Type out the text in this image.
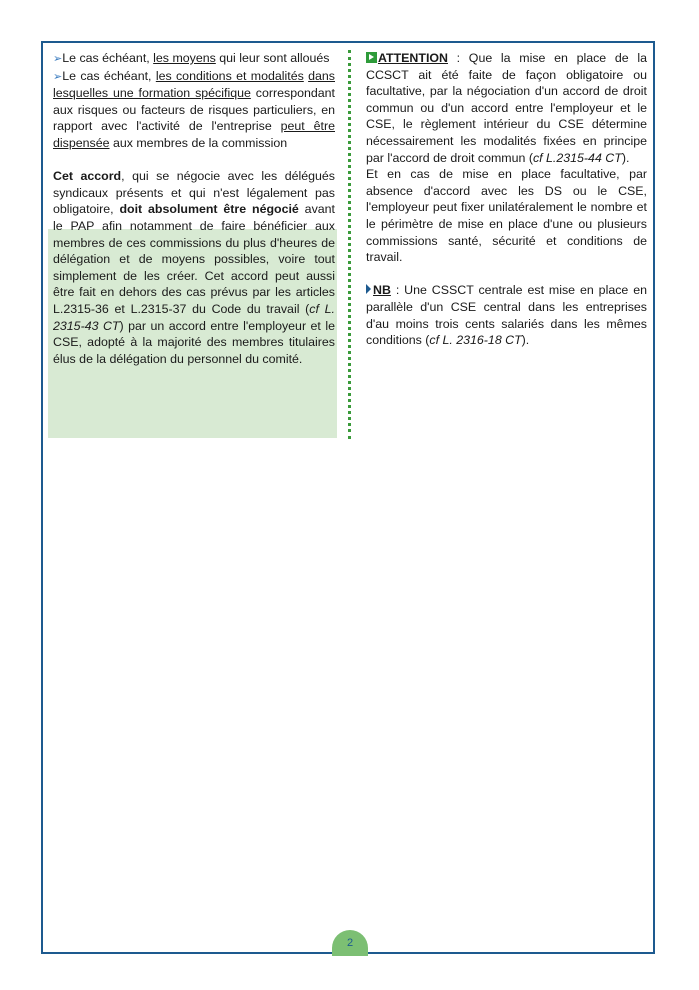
➢Le cas échéant, les moyens qui leur sont alloués

➢Le cas échéant, les conditions et modalités dans lesquelles une formation spécifique correspondant aux risques ou facteurs de risques particuliers, en rapport avec l'activité de l'entreprise peut être dispensée aux membres de la commission

Cet accord, qui se négocie avec les délégués syndicaux présents et qui n'est légalement pas obligatoire, doit absolument être négocié avant le PAP afin notamment de faire bénéficier aux membres de ces commissions du plus d'heures de délégation et de moyens possibles, voire tout simplement de les créer. Cet accord peut aussi être fait en dehors des cas prévus par les articles L.2315-36 et L.2315-37 du Code du travail (cf L. 2315-43 CT) par un accord entre l'employeur et le CSE, adopté à la majorité des membres titulaires élus de la délégation du personnel du comité.

ATTENTION : Que la mise en place de la CCSCT ait été faite de façon obligatoire ou facultative, par la négociation d'un accord de droit commun ou d'un accord entre l'employeur et le CSE, le règlement intérieur du CSE détermine nécessairement les modalités fixées en principe par l'accord de droit commun (cf L.2315-44 CT).

Et en cas de mise en place facultative, par absence d'accord avec les DS ou le CSE, l'employeur peut fixer unilatéralement le nombre et le périmètre de mise en place d'une ou plusieurs commissions santé, sécurité et conditions de travail.

NB : Une CSSCT centrale est mise en place en parallèle d'un CSE central dans les entreprises d'au moins trois cents salariés dans les mêmes conditions (cf L. 2316-18 CT).

2
